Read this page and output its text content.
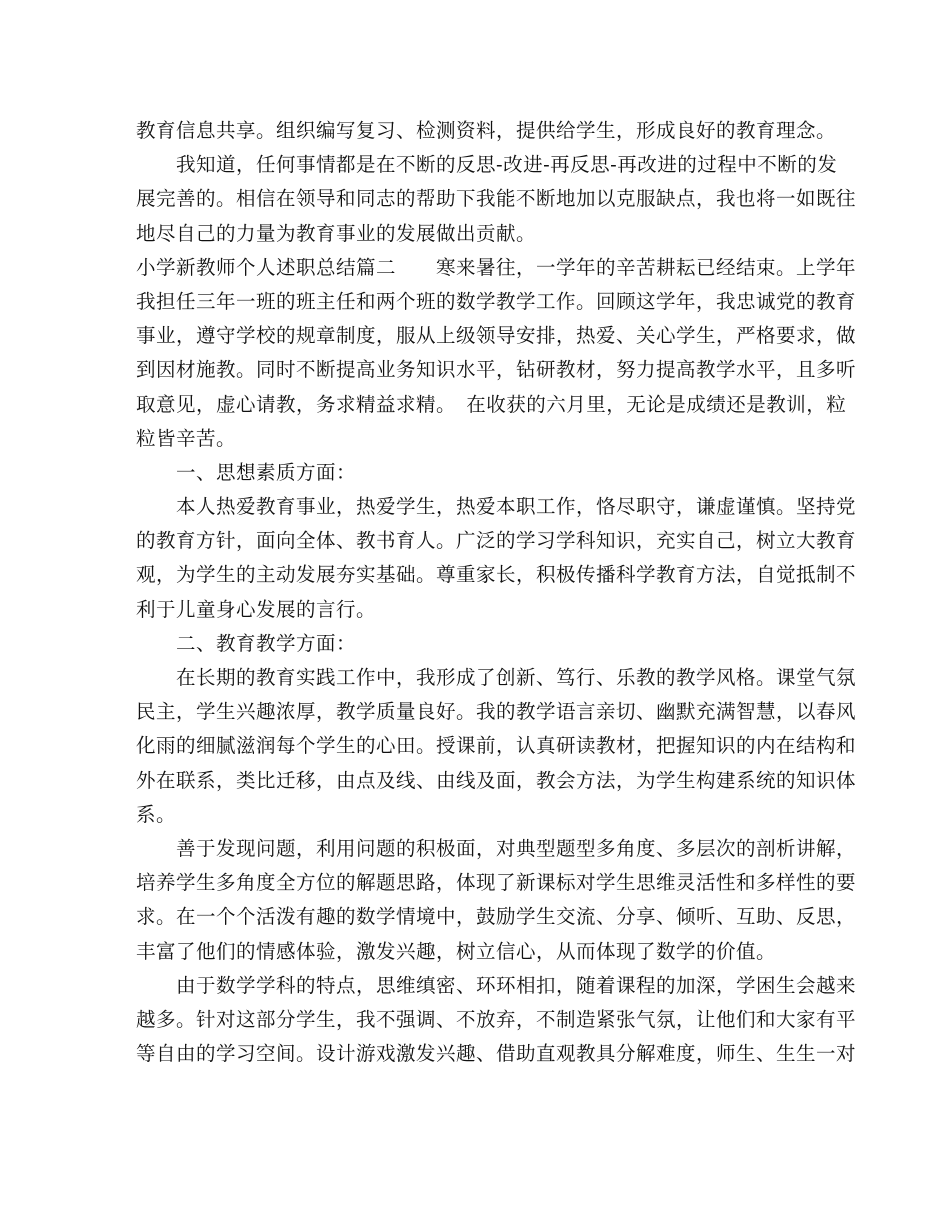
教育信息共享。组织编写复习、检测资料，提供给学生，形成良好的教育理念。
我知道，任何事情都是在不断的反思-改进-再反思-再改进的过程中不断的发
展完善的。相信在领导和同志的帮助下我能不断地加以克服缺点，我也将一如既往
地尽自己的力量为教育事业的发展做出贡献。
小学新教师个人述职总结篇二　　寒来暑往，一学年的辛苦耕耘已经结束。上学年
我担任三年一班的班主任和两个班的数学教学工作。回顾这学年，我忠诚党的教育
事业，遵守学校的规章制度，服从上级领导安排，热爱、关心学生，严格要求，做
到因材施教。同时不断提高业务知识水平，钻研教材，努力提高教学水平，且多听
取意见，虚心请教，务求精益求精。　在收获的六月里，无论是成绩还是教训，粒
粒皆辛苦。
一、思想素质方面：
本人热爱教育事业，热爱学生，热爱本职工作，恪尽职守，谦虚谨慎。坚持党
的教育方针，面向全体、教书育人。广泛的学习学科知识，充实自己，树立大教育
观，为学生的主动发展夯实基础。尊重家长，积极传播科学教育方法，自觉抵制不
利于儿童身心发展的言行。
二、教育教学方面：
在长期的教育实践工作中，我形成了创新、笃行、乐教的教学风格。课堂气氛
民主，学生兴趣浓厚，教学质量良好。我的教学语言亲切、幽默充满智慧，以春风
化雨的细腻滋润每个学生的心田。授课前，认真研读教材，把握知识的内在结构和
外在联系，类比迁移，由点及线、由线及面，教会方法，为学生构建系统的知识体
系。
善于发现问题，利用问题的积极面，对典型题型多角度、多层次的剖析讲解，
培养学生多角度全方位的解题思路，体现了新课标对学生思维灵活性和多样性的要
求。在一个个活泼有趣的数学情境中，鼓励学生交流、分享、倾听、互助、反思，
丰富了他们的情感体验，激发兴趣，树立信心，从而体现了数学的价值。
由于数学学科的特点，思维缜密、环环相扣，随着课程的加深，学困生会越来
越多。针对这部分学生，我不强调、不放弃，不制造紧张气氛，让他们和大家有平
等自由的学习空间。设计游戏激发兴趣、借助直观教具分解难度，师生、生生一对
